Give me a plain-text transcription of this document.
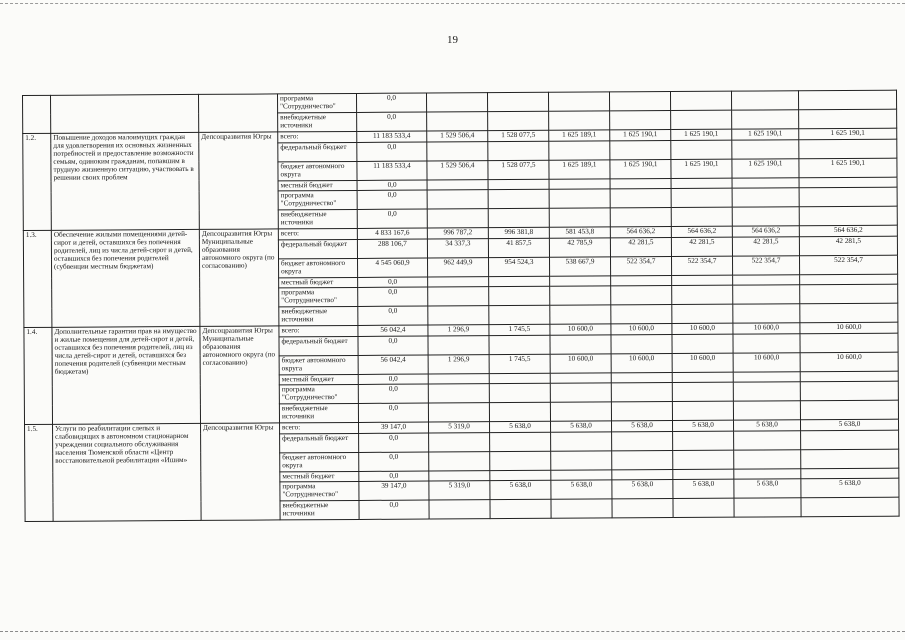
19
			программа "Сотрудничество"	0,0							
			внебюджетные источники	0,0							
1.2.	Повышение доходов малоимущих граждан для удовлетворения их основных жизненных потребностей и предоставление возможности семьям, одиноким гражданам, попавшим в трудную жизненную ситуацию, участвовать в решении своих проблем	Депсоцразвития Югры	всего:	11 183 533,4	1 529 506,4	1 528 077,5	1 625 189,1	1 625 190,1	1 625 190,1	1 625 190,1	1 625 190,1
			федеральный бюджет	0,0							
			бюджет автономного округа	11 183 533,4	1 529 506,4	1 528 077,5	1 625 189,1	1 625 190,1	1 625 190,1	1 625 190,1	1 625 190,1
			местный бюджет	0,0							
			программа "Сотрудничество"	0,0							
			внебюджетные источники	0,0							
1.3.	Обеспечение жилыми помещениями детей-сирот и детей, оставшихся без попечения родителей, лиц из числа детей-сирот и детей, оставшихся без попечения родителей (субвенции местным бюджетам)	Депсоцразвития Югры Муниципальные образования автономного округа (по согласованию)	всего:	4 833 167,6	996 787,2	996 381,8	581 453,8	564 636,2	564 636,2	564 636,2	564 636,2
			федеральный бюджет	288 106,7	34 337,3	41 857,5	42 785,9	42 281,5	42 281,5	42 281,5	42 281,5
			бюджет автономного округа	4 545 060,9	962 449,9	954 524,3	538 667,9	522 354,7	522 354,7	522 354,7	522 354,7
			местный бюджет	0,0							
			программа "Сотрудничество"	0,0							
			внебюджетные источники	0,0							
1.4.	Дополнительные гарантии прав на имущество и жилые помещения для детей-сирот и детей, оставшихся без попечения родителей, лиц из числа детей-сирот и детей, оставшихся без попечения родителей (субвенции местным бюджетам)	Депсоцразвития Югры Муниципальные образования автономного округа (по согласованию)	всего:	56 042,4	1 296,9	1 745,5	10 600,0	10 600,0	10 600,0	10 600,0	10 600,0
			федеральный бюджет	0,0							
			бюджет автономного округа	56 042,4	1 296,9	1 745,5	10 600,0	10 600,0	10 600,0	10 600,0	10 600,0
			местный бюджет	0,0							
			программа "Сотрудничество"	0,0							
			внебюджетные источники	0,0							
1.5.	Услуги по реабилитации слепых и слабовидящих в автономном стационарном учреждении социального обслуживания населения Тюменской области «Центр восстановительной реабилитации «Ишим»	Депсоцразвития Югры	всего:	39 147,0	5 319,0	5 638,0	5 638,0	5 638,0	5 638,0	5 638,0	5 638,0
			федеральный бюджет	0,0							
			бюджет автономного округа	0,0							
			местный бюджет	0,0							
			программа "Сотрудничество"	39 147,0	5 319,0	5 638,0	5 638,0	5 638,0	5 638,0	5 638,0	5 638,0
			внебюджетные источники	0,0							
